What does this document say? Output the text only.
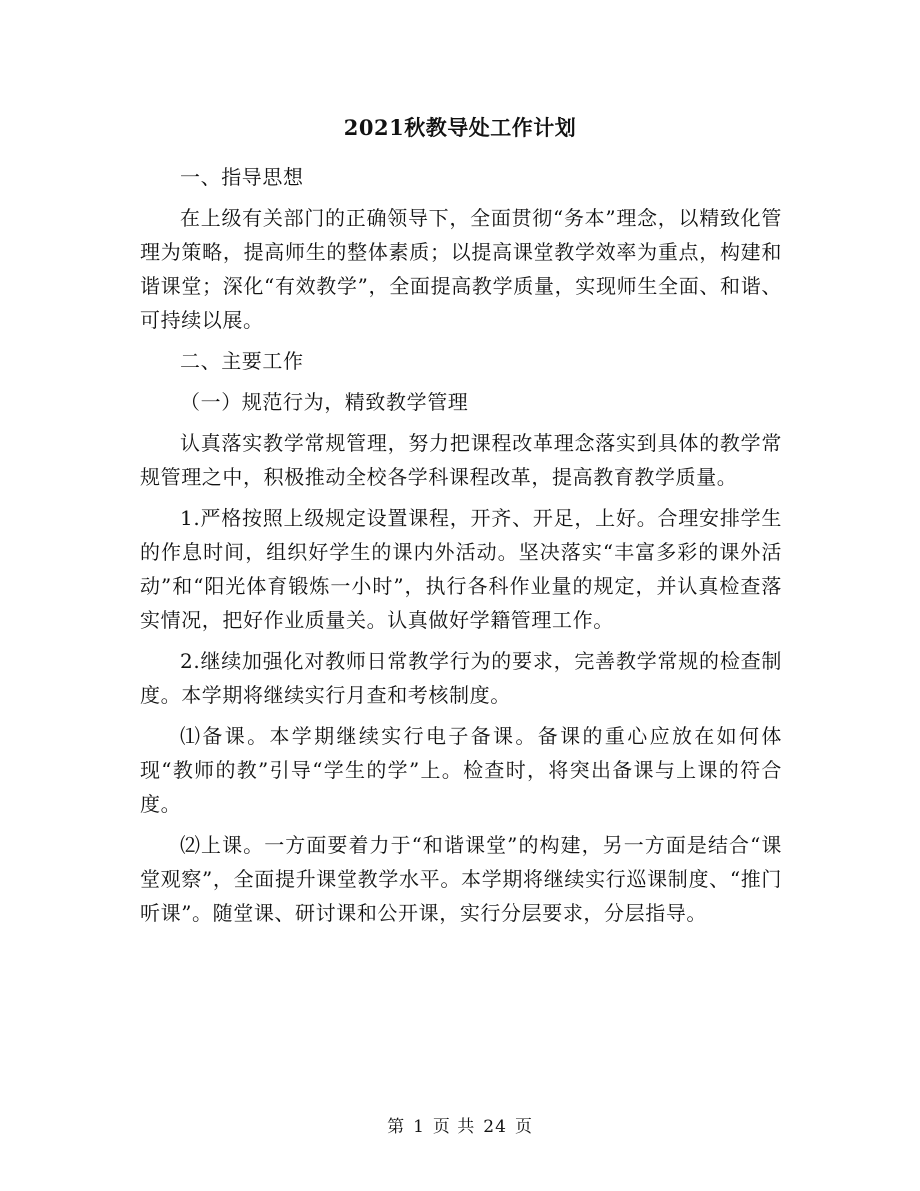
2021秋教导处工作计划

一、指导思想

在上级有关部门的正确领导下，全面贯彻“务本”理念，以精致化管理为策略，提高师生的整体素质；以提高课堂教学效率为重点，构建和谐课堂；深化“有效教学”，全面提高教学质量，实现师生全面、和谐、可持续以展。

二、主要工作

（一）规范行为，精致教学管理

认真落实教学常规管理，努力把课程改革理念落实到具体的教学常规管理之中，积极推动全校各学科课程改革，提高教育教学质量。

1.严格按照上级规定设置课程，开齐、开足，上好。合理安排学生的作息时间，组织好学生的课内外活动。坚决落实“丰富多彩的课外活动”和“阳光体育锻炼一小时”，执行各科作业量的规定，并认真检查落实情况，把好作业质量关。认真做好学籍管理工作。

2.继续加强化对教师日常教学行为的要求，完善教学常规的检查制度。本学期将继续实行月查和考核制度。

⑴备课。本学期继续实行电子备课。备课的重心应放在如何体现“教师的教”引导“学生的学”上。检查时，将突出备课与上课的符合度。

⑵上课。一方面要着力于“和谐课堂”的构建，另一方面是结合“课堂观察”，全面提升课堂教学水平。本学期将继续实行巡课制度、“推门听课”。随堂课、研讨课和公开课，实行分层要求，分层指导。

第 1 页 共 24 页
